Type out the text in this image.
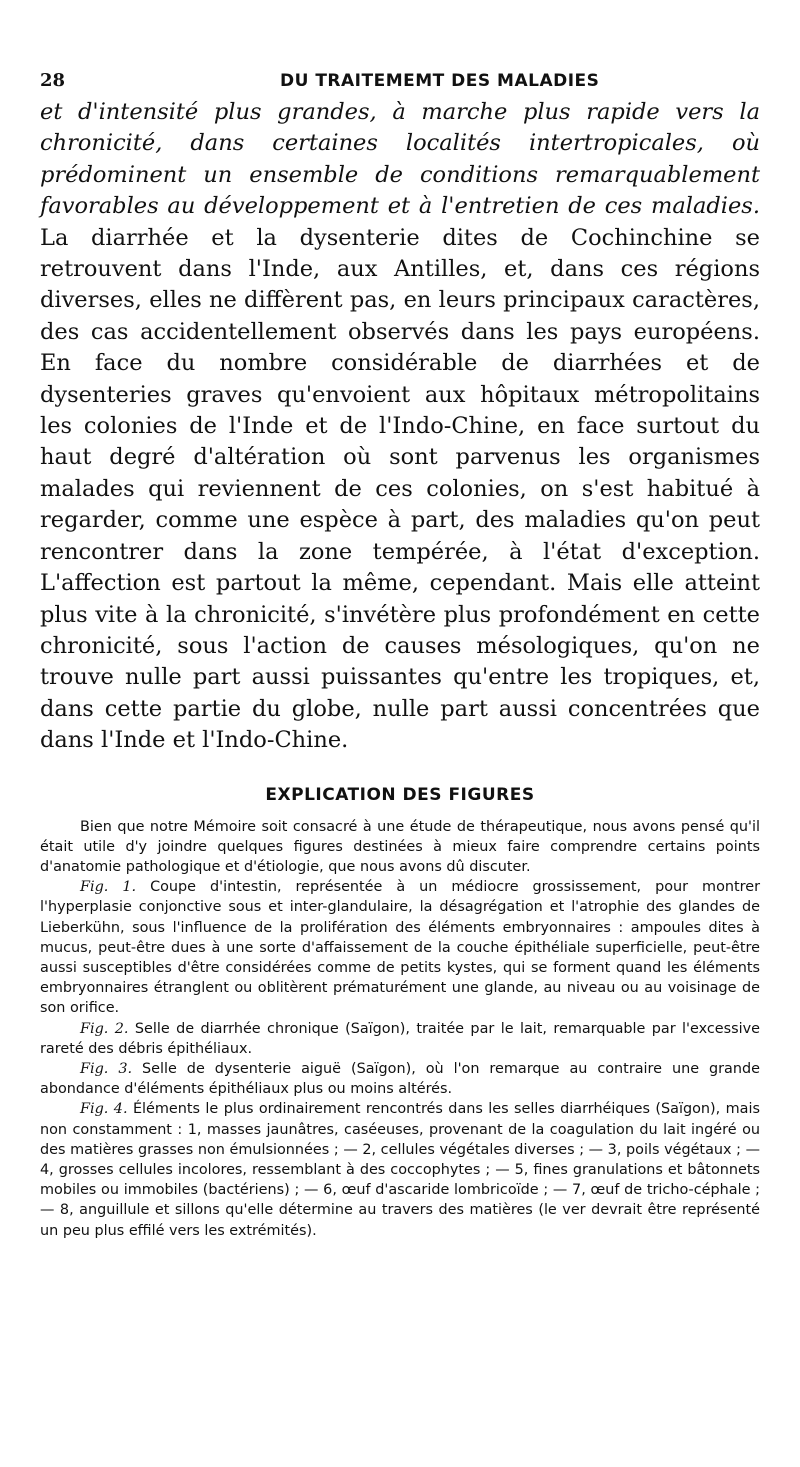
28	DU TRAITEMEMT DES MALADIES

et d'intensité plus grandes, à marche plus rapide vers la chronicité, dans certaines localités intertropicales, où prédominent un ensemble de conditions remarquablement favorables au développement et à l'entretien de ces maladies. La diarrhée et la dysenterie dites de Cochinchine se retrouvent dans l'Inde, aux Antilles, et, dans ces régions diverses, elles ne diffèrent pas, en leurs principaux caractères, des cas accidentellement observés dans les pays européens. En face du nombre considérable de diarrhées et de dysenteries graves qu'envoient aux hôpitaux métropolitains les colonies de l'Inde et de l'Indo-Chine, en face surtout du haut degré d'altération où sont parvenus les organismes malades qui reviennent de ces colonies, on s'est habitué à regarder, comme une espèce à part, des maladies qu'on peut rencontrer dans la zone tempérée, à l'état d'exception. L'affection est partout la même, cependant. Mais elle atteint plus vite à la chronicité, s'invétère plus profondément en cette chronicité, sous l'action de causes mésologiques, qu'on ne trouve nulle part aussi puissantes qu'entre les tropiques, et, dans cette partie du globe, nulle part aussi concentrées que dans l'Inde et l'Indo-Chine.

EXPLICATION DES FIGURES

Bien que notre Mémoire soit consacré à une étude de thérapeutique, nous avons pensé qu'il était utile d'y joindre quelques figures destinées à mieux faire comprendre certains points d'anatomie pathologique et d'étiologie, que nous avons dû discuter.

Fig. 1. Coupe d'intestin, représentée à un médiocre grossissement, pour montrer l'hyperplasie conjonctive sous et inter-glandulaire, la désagrégation et l'atrophie des glandes de Lieberkühn, sous l'influence de la prolifération des éléments embryonnaires : ampoules dites à mucus, peut-être dues à une sorte d'affaissement de la couche épithéliale superficielle, peut-être aussi susceptibles d'être considérées comme de petits kystes, qui se forment quand les éléments embryonnaires étranglent ou oblitèrent prématurément une glande, au niveau ou au voisinage de son orifice.

Fig. 2. Selle de diarrhée chronique (Saïgon), traitée par le lait, remarquable par l'excessive rareté des débris épithéliaux.

Fig. 3. Selle de dysenterie aiguë (Saïgon), où l'on remarque au contraire une grande abondance d'éléments épithéliaux plus ou moins altérés.

Fig. 4. Éléments le plus ordinairement rencontrés dans les selles diarrhéiques (Saïgon), mais non constamment : 1, masses jaunâtres, caséeuses, provenant de la coagulation du lait ingéré ou des matières grasses non émulsionnées ; — 2, cellules végétales diverses ; — 3, poils végétaux ; — 4, grosses cellules incolores, ressemblant à des coccophytes ; — 5, fines granulations et bâtonnets mobiles ou immobiles (bactériens) ; — 6, œuf d'ascaride lombricoïde ; — 7, œuf de tricho-céphale ; — 8, anguillule et sillons qu'elle détermine au travers des matières (le ver devrait être représenté un peu plus effilé vers les extrémités).
